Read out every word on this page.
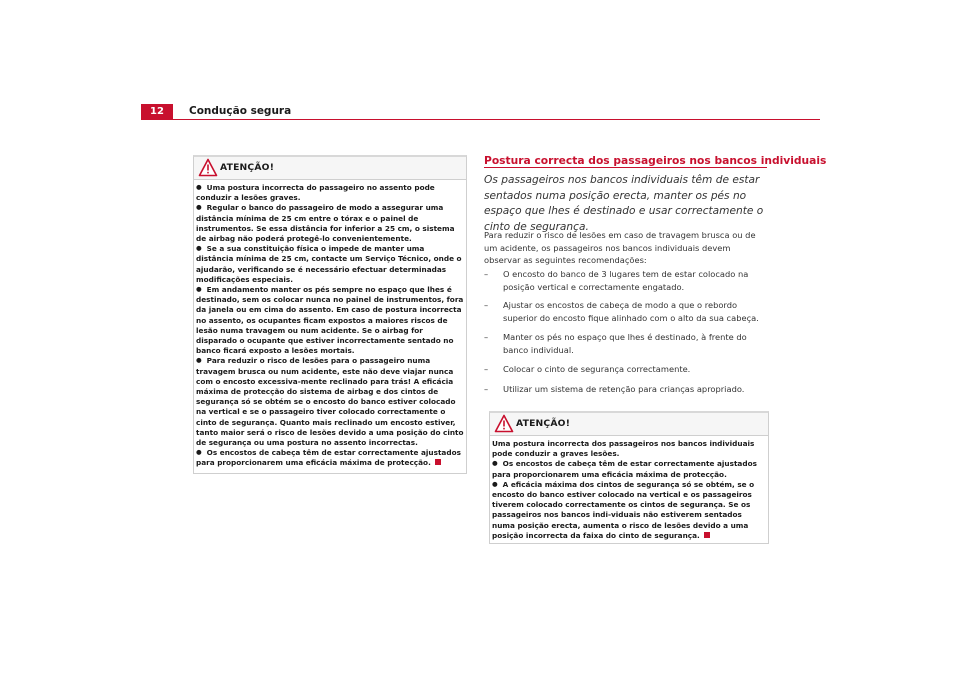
12	Condução segura
ATENÇÃO!

● Uma postura incorrecta do passageiro no assento pode conduzir a lesões graves.

● Regular o banco do passageiro de modo a assegurar uma distância mínima de 25 cm entre o tórax e o painel de instrumentos. Se essa distância for inferior a 25 cm, o sistema de airbag não poderá protegê-lo convenientemente.

● Se a sua constituição física o impede de manter uma distância mínima de 25 cm, contacte um Serviço Técnico, onde o ajudarão, verificando se é necessário efectuar determinadas modificações especiais.

● Em andamento manter os pés sempre no espaço que lhes é destinado, sem os colocar nunca no painel de instrumentos, fora da janela ou em cima do assento. Em caso de postura incorrecta no assento, os ocupantes ficam expostos a maiores riscos de lesão numa travagem ou num acidente. Se o airbag for disparado o ocupante que estiver incorrectamente sentado no banco ficará exposto a lesões mortais.

● Para reduzir o risco de lesões para o passageiro numa travagem brusca ou num acidente, este não deve viajar nunca com o encosto excessiva-mente reclinado para trás! A eficácia máxima de protecção do sistema de airbag e dos cintos de segurança só se obtém se o encosto do banco estiver colocado na vertical e se o passageiro tiver colocado correctamente o cinto de segurança. Quanto mais reclinado um encosto estiver, tanto maior será o risco de lesões devido a uma posição do cinto de segurança ou uma postura no assento incorrectas.

● Os encostos de cabeça têm de estar correctamente ajustados para proporcionarem uma eficácia máxima de protecção.

Postura correcta dos passageiros nos bancos individuais
Os passageiros nos bancos individuais têm de estar sentados numa posição erecta, manter os pés no espaço que lhes é destinado e usar correctamente o cinto de segurança.

Para reduzir o risco de lesões em caso de travagem brusca ou de um acidente, os passageiros nos bancos individuais devem observar as seguintes recomendações:

– O encosto do banco de 3 lugares tem de estar colocado na posição vertical e correctamente engatado.
– Ajustar os encostos de cabeça de modo a que o rebordo superior do encosto fique alinhado com o alto da sua cabeça.
– Manter os pés no espaço que lhes é destinado, à frente do banco individual.
– Colocar o cinto de segurança correctamente.
– Utilizar um sistema de retenção para crianças apropriado.
ATENÇÃO!

Uma postura incorrecta dos passageiros nos bancos individuais pode conduzir a graves lesões.

● Os encostos de cabeça têm de estar correctamente ajustados para proporcionarem uma eficácia máxima de protecção.

● A eficácia máxima dos cintos de segurança só se obtém, se o encosto do banco estiver colocado na vertical e os passageiros tiverem colocado correctamente os cintos de segurança. Se os passageiros nos bancos indi-viduais não estiverem sentados numa posição erecta, aumenta o risco de lesões devido a uma posição incorrecta da faixa do cinto de segurança.
